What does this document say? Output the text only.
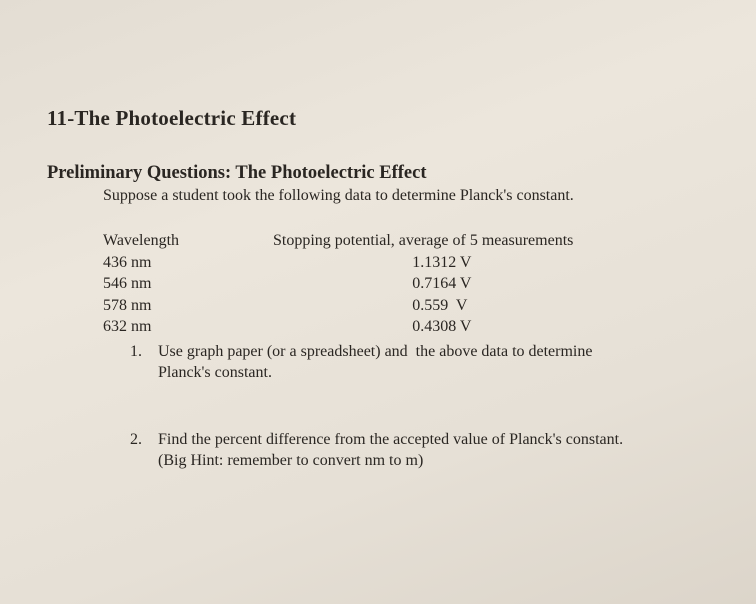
11-The Photoelectric Effect
Preliminary Questions: The Photoelectric Effect

Suppose a student took the following data to determine Planck's constant.

Wavelength	Stopping potential, average of 5 measurements
436 nm	1.1312 V
546 nm	0.7164 V
578 nm	0.559  V
632 nm	0.4308 V
1. Use graph paper (or a spreadsheet) and  the above data to determine
Planck's constant.
2. Find the percent difference from the accepted value of Planck's constant.
(Big Hint: remember to convert nm to m)
